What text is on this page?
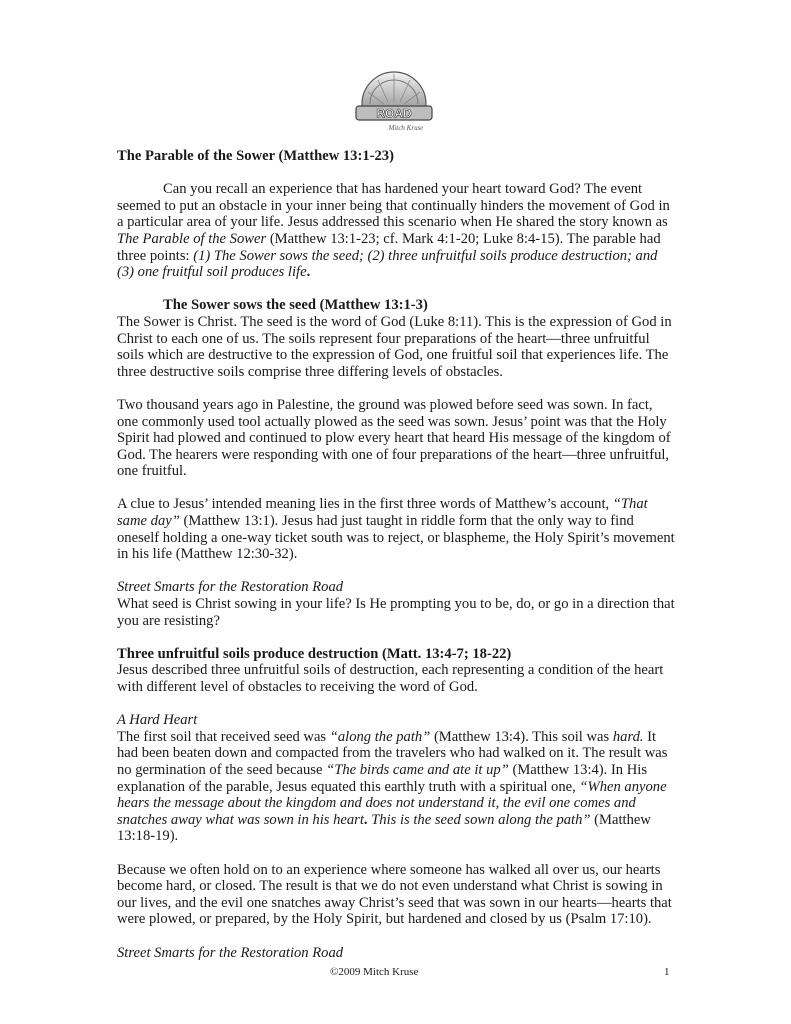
ROAD
Mitch Kruse

The Parable of the Sower (Matthew 13:1-23)

Can you recall an experience that has hardened your heart toward God? The event seemed to put an obstacle in your inner being that continually hinders the movement of God in a particular area of your life. Jesus addressed this scenario when He shared the story known as The Parable of the Sower (Matthew 13:1-23; cf. Mark 4:1-20; Luke 8:4-15). The parable had three points: (1) The Sower sows the seed; (2) three unfruitful soils produce destruction; and (3) one fruitful soil produces life.

The Sower sows the seed (Matthew 13:1-3)

The Sower is Christ. The seed is the word of God (Luke 8:11). This is the expression of God in Christ to each one of us. The soils represent four preparations of the heart—three unfruitful soils which are destructive to the expression of God, one fruitful soil that experiences life. The three destructive soils comprise three differing levels of obstacles.

Two thousand years ago in Palestine, the ground was plowed before seed was sown. In fact, one commonly used tool actually plowed as the seed was sown. Jesus’ point was that the Holy Spirit had plowed and continued to plow every heart that heard His message of the kingdom of God. The hearers were responding with one of four preparations of the heart—three unfruitful, one fruitful.

A clue to Jesus’ intended meaning lies in the first three words of Matthew’s account, “That same day” (Matthew 13:1). Jesus had just taught in riddle form that the only way to find oneself holding a one-way ticket south was to reject, or blaspheme, the Holy Spirit’s movement in his life (Matthew 12:30-32).

Street Smarts for the Restoration Road

What seed is Christ sowing in your life? Is He prompting you to be, do, or go in a direction that you are resisting?

Three unfruitful soils produce destruction (Matt. 13:4-7; 18-22)

Jesus described three unfruitful soils of destruction, each representing a condition of the heart with different level of obstacles to receiving the word of God.

A Hard Heart

The first soil that received seed was “along the path” (Matthew 13:4). This soil was hard. It had been beaten down and compacted from the travelers who had walked on it. The result was no germination of the seed because “The birds came and ate it up” (Matthew 13:4). In His explanation of the parable, Jesus equated this earthly truth with a spiritual one, “When anyone hears the message about the kingdom and does not understand it, the evil one comes and snatches away what was sown in his heart. This is the seed sown along the path” (Matthew 13:18-19).

Because we often hold on to an experience where someone has walked all over us, our hearts become hard, or closed. The result is that we do not even understand what Christ is sowing in our lives, and the evil one snatches away Christ’s seed that was sown in our hearts—hearts that were plowed, or prepared, by the Holy Spirit, but hardened and closed by us (Psalm 17:10).

Street Smarts for the Restoration Road

©2009 Mitch Kruse	1
